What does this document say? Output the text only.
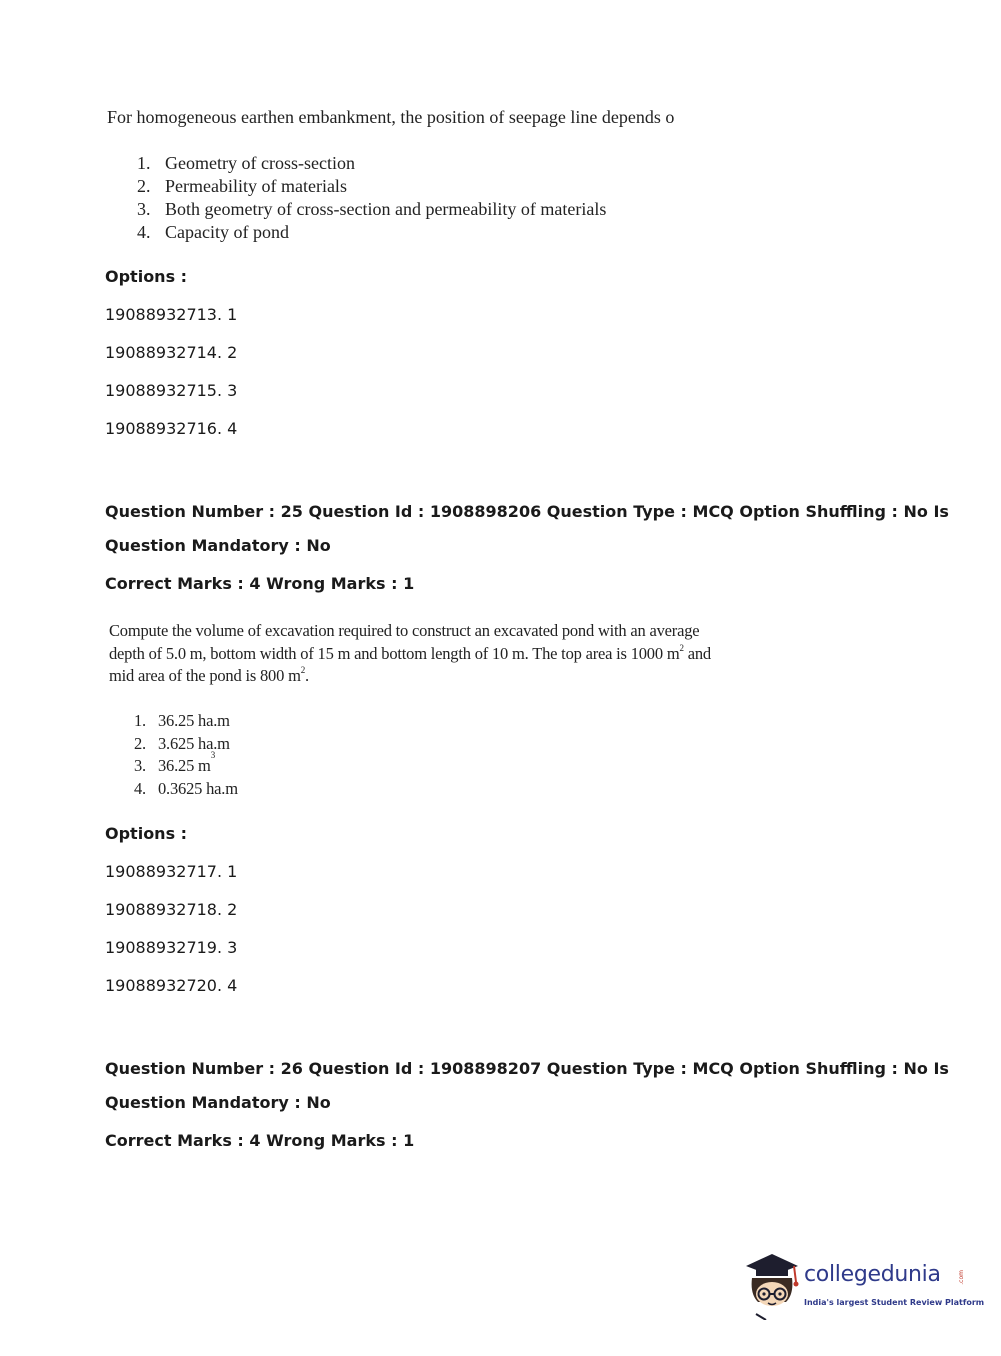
For homogeneous earthen embankment, the position of seepage line depends o
1. Geometry of cross-section
2. Permeability of materials
3. Both geometry of cross-section and permeability of materials
4. Capacity of pond
Options :
19088932713. 1
19088932714. 2
19088932715. 3
19088932716. 4
Question Number : 25 Question Id : 1908898206 Question Type : MCQ Option Shuffling : No Is
Question Mandatory : No
Correct Marks : 4 Wrong Marks : 1
Compute the volume of excavation required to construct an excavated pond with an average
depth of 5.0 m, bottom width of 15 m and bottom length of 10 m. The top area is 1000 $m^2$ and
mid area of the pond is 800 $m^2$.
1. 36.25 ha.m
2. 3.625 ha.m
3. 36.25 m
3
4. 0.3625 ha.m
Options :
19088932717. 1
19088932718. 2
19088932719. 3
19088932720. 4
Question Number : 26 Question Id : 1908898207 Question Type : MCQ Option Shuffling : No Is
Question Mandatory : No
Correct Marks : 4 Wrong Marks : 1
collegedunia	.com
India's largest Student Review Platform
